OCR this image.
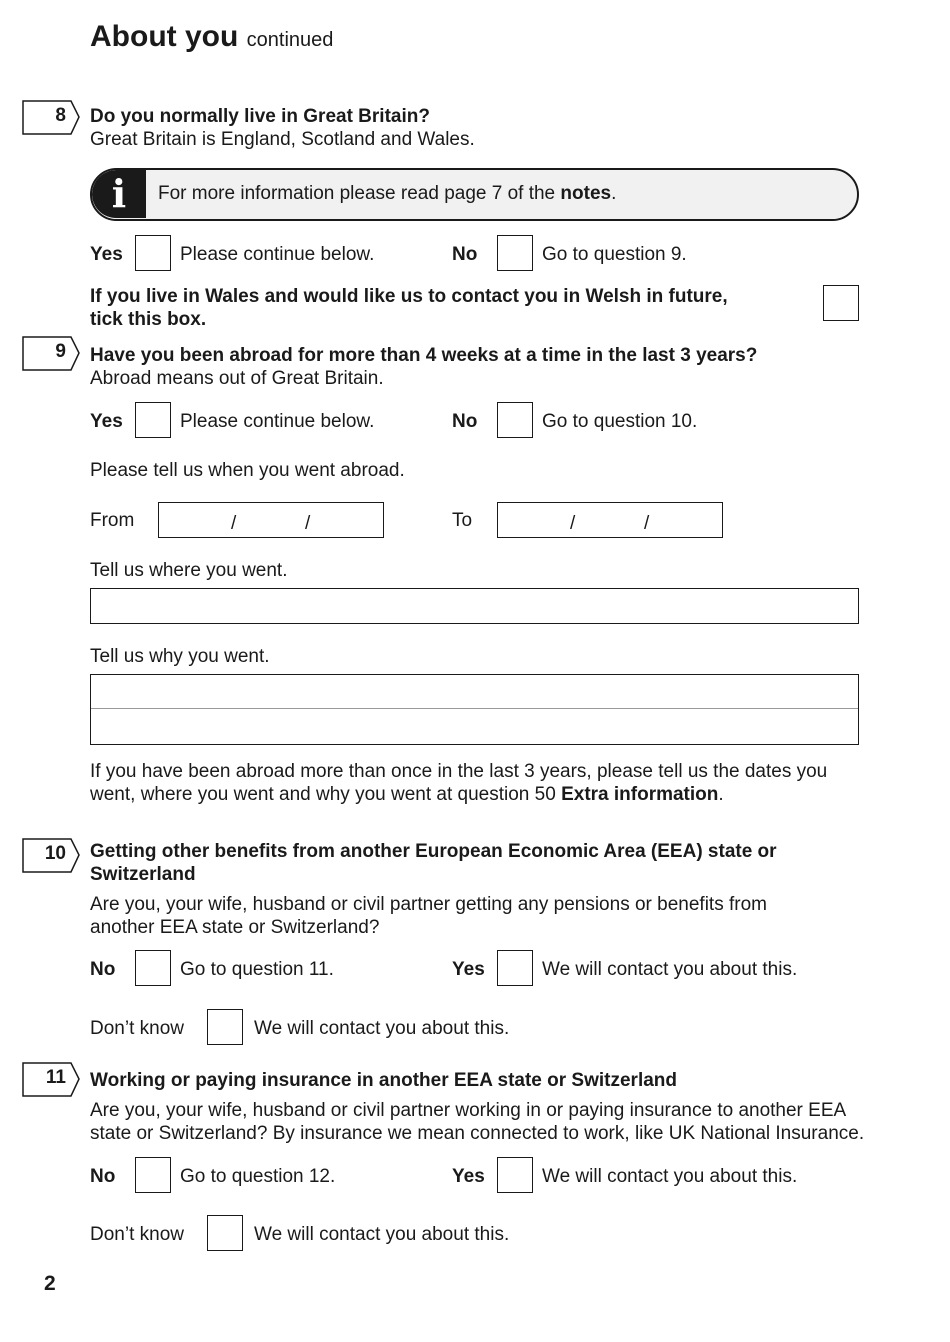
About you continued
8 Do you normally live in Great Britain?
Great Britain is England, Scotland and Wales.
i	For more information please read page 7 of the notes.
Yes	Please continue below.	No	Go to question 9.
If you live in Wales and would like us to contact you in Welsh in future,
tick this box.
9 Have you been abroad for more than 4 weeks at a time in the last 3 years?
Abroad means out of Great Britain.
Yes	Please continue below.	No	Go to question 10.
Please tell us when you went abroad.
From	/	/	To	/	/
Tell us where you went.
Tell us why you went.
If you have been abroad more than once in the last 3 years, please tell us the dates you
went, where you went and why you went at question 50 Extra information.
10 Getting other benefits from another European Economic Area (EEA) state or
Switzerland
Are you, your wife, husband or civil partner getting any pensions or benefits from
another EEA state or Switzerland?
No	Go to question 11.	Yes	We will contact you about this.
Don’t know	We will contact you about this.
11 Working or paying insurance in another EEA state or Switzerland
Are you, your wife, husband or civil partner working in or paying insurance to another EEA
state or Switzerland? By insurance we mean connected to work, like UK National Insurance.
No	Go to question 12.	Yes	We will contact you about this.
Don’t know	We will contact you about this.
2
